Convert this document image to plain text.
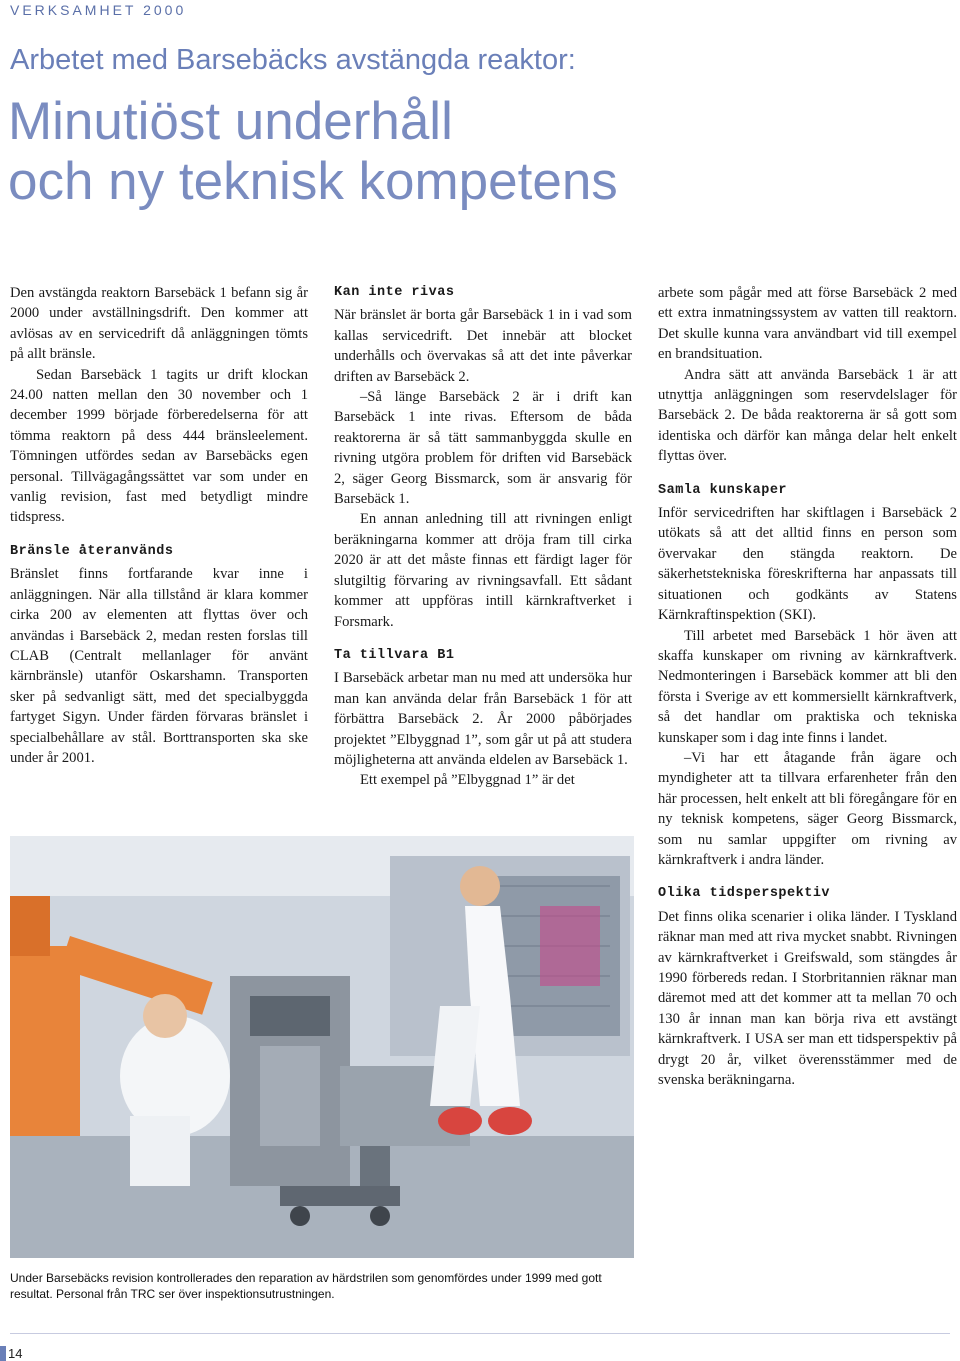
VERKSAMHET 2000
Arbetet med Barsebäcks avstängda reaktor:
Minutiöst underhåll
och ny teknisk kompetens

Den avstängda reaktorn Barsebäck 1 befann sig år 2000 under avställningsdrift. Den kommer att avlösas av en servicedrift då anläggningen tömts på allt bränsle.

Sedan Barsebäck 1 tagits ur drift klockan 24.00 natten mellan den 30 november och 1 december 1999 började förberedelserna för att tömma reaktorn på dess 444 bränsleelement. Tömningen utfördes sedan av Barsebäcks egen personal. Tillvägagångssättet var som under en vanlig revision, fast med betydligt mindre tidspress.

Bränsle återanvänds

Bränslet finns fortfarande kvar inne i anläggningen. När alla tillstånd är klara kommer cirka 200 av elementen att flyttas över och användas i Barsebäck 2, medan resten forslas till CLAB (Centralt mellanlager för använt kärnbränsle) utanför Oskarshamn. Transporten sker på sedvanligt sätt, med det specialbyggda fartyget Sigyn. Under färden förvaras bränslet i specialbehållare av stål. Borttransporten ska ske under år 2001.

Kan inte rivas

När bränslet är borta går Barsebäck 1 in i vad som kallas servicedrift. Det innebär att blocket underhålls och övervakas så att det inte påverkar driften av Barsebäck 2.

–Så länge Barsebäck 2 är i drift kan Barsebäck 1 inte rivas. Eftersom de båda reaktorerna är så tätt sammanbyggda skulle en rivning utgöra problem för driften vid Barsebäck 2, säger Georg Bissmarck, som är ansvarig för Barsebäck 1.

En annan anledning till att rivningen enligt beräkningarna kommer att dröja fram till cirka 2020 är att det måste finnas ett färdigt lager för slutgiltig förvaring av rivningsavfall. Ett sådant kommer att uppföras intill kärnkraftverket i Forsmark.

Ta tillvara B1

I Barsebäck arbetar man nu med att undersöka hur man kan använda delar från Barsebäck 1 för att förbättra Barsebäck 2. År 2000 påbörjades projektet ”Elbyggnad 1”, som går ut på att studera möjligheterna att använda eldelen av Barsebäck 1.

Ett exempel på ”Elbyggnad 1” är det

arbete som pågår med att förse Barsebäck 2 med ett extra inmatningssystem av vatten till reaktorn. Det skulle kunna vara användbart vid till exempel en brandsituation.

Andra sätt att använda Barsebäck 1 är att utnyttja anläggningen som reservdelslager för Barsebäck 2. De båda reaktorerna är så gott som identiska och därför kan många delar helt enkelt flyttas över.

Samla kunskaper

Inför servicedriften har skiftlagen i Barsebäck 2 utökats så att det alltid finns en person som övervakar den stängda reaktorn. De säkerhetstekniska föreskrifterna har anpassats till situationen och godkänts av Statens Kärnkraftinspektion (SKI).

Till arbetet med Barsebäck 1 hör även att skaffa kunskaper om rivning av kärnkraftverk. Nedmonteringen i Barsebäck kommer att bli den första i Sverige av ett kommersiellt kärnkraftverk, så det handlar om praktiska och tekniska kunskaper som i dag inte finns i landet.

–Vi har ett åtagande från ägare och myndigheter att ta tillvara erfarenheter från den här processen, helt enkelt att bli föregångare för en ny teknisk kompetens, säger Georg Bissmarck, som nu samlar uppgifter om rivning av kärnkraftverk i andra länder.

Olika tidsperspektiv

Det finns olika scenarier i olika länder. I Tyskland räknar man med att riva mycket snabbt. Rivningen av kärnkraftverket i Greifswald, som stängdes år 1990 förbereds redan. I Storbritannien räknar man däremot med att det kommer att ta mellan 70 och 130 år innan man kan börja riva ett avstängt kärnkraftverk. I USA ser man ett tidsperspektiv på drygt 20 år, vilket överensstämmer med de svenska beräkningarna.

Under Barsebäcks revision kontrollerades den reparation av härdstrilen som genomfördes under 1999 med gott resultat. Personal från TRC ser över inspektionsutrustningen.
14
